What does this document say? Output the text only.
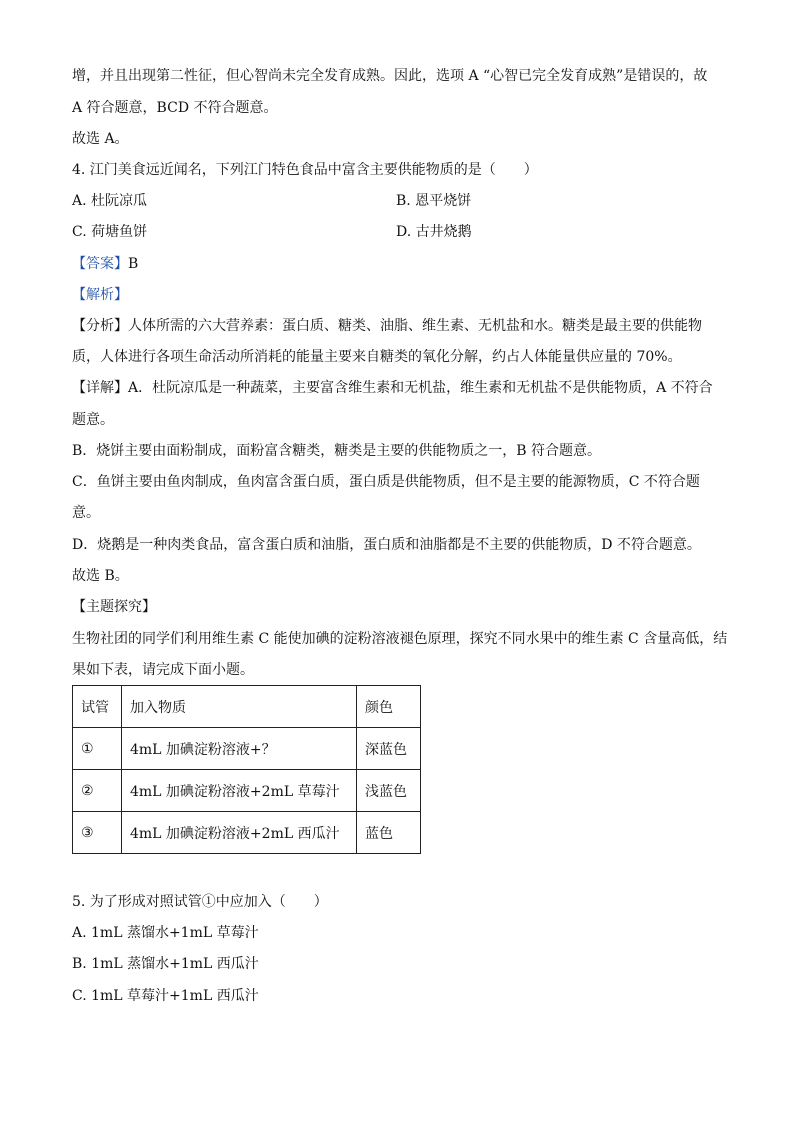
增，并且出现第二性征，但心智尚未完全发育成熟。因此，选项 A “心智已完全发育成熟”是错误的，故
A 符合题意，BCD 不符合题意。
故选 A。
4. 江门美食远近闻名，下列江门特色食品中富含主要供能物质的是（　　）
A. 杜阮凉瓜	B. 恩平烧饼
C. 荷塘鱼饼	D. 古井烧鹅
【答案】B
【解析】
【分析】人体所需的六大营养素：蛋白质、糖类、油脂、维生素、无机盐和水。糖类是最主要的供能物
质，人体进行各项生命活动所消耗的能量主要来自糖类的氧化分解，约占人体能量供应量的 70%。
【详解】A．杜阮凉瓜是一种蔬菜，主要富含维生素和无机盐，维生素和无机盐不是供能物质，A 不符合
题意。
B．烧饼主要由面粉制成，面粉富含糖类，糖类是主要的供能物质之一，B 符合题意。
C．鱼饼主要由鱼肉制成，鱼肉富含蛋白质，蛋白质是供能物质，但不是主要的能源物质，C 不符合题
意。
D．烧鹅是一种肉类食品，富含蛋白质和油脂，蛋白质和油脂都是不主要的供能物质，D 不符合题意。
故选 B。
【主题探究】
生物社团的同学们利用维生素 C 能使加碘的淀粉溶液褪色原理，探究不同水果中的维生素 C 含量高低，结
果如下表，请完成下面小题。
试管	加入物质	颜色
①	4mL 加碘淀粉溶液+？	深蓝色
②	4mL 加碘淀粉溶液+2mL 草莓汁	浅蓝色
③	4mL 加碘淀粉溶液+2mL 西瓜汁	蓝色
5. 为了形成对照试管①中应加入（　　）
A. 1mL 蒸馏水+1mL 草莓汁
B. 1mL 蒸馏水+1mL 西瓜汁
C. 1mL 草莓汁+1mL 西瓜汁
